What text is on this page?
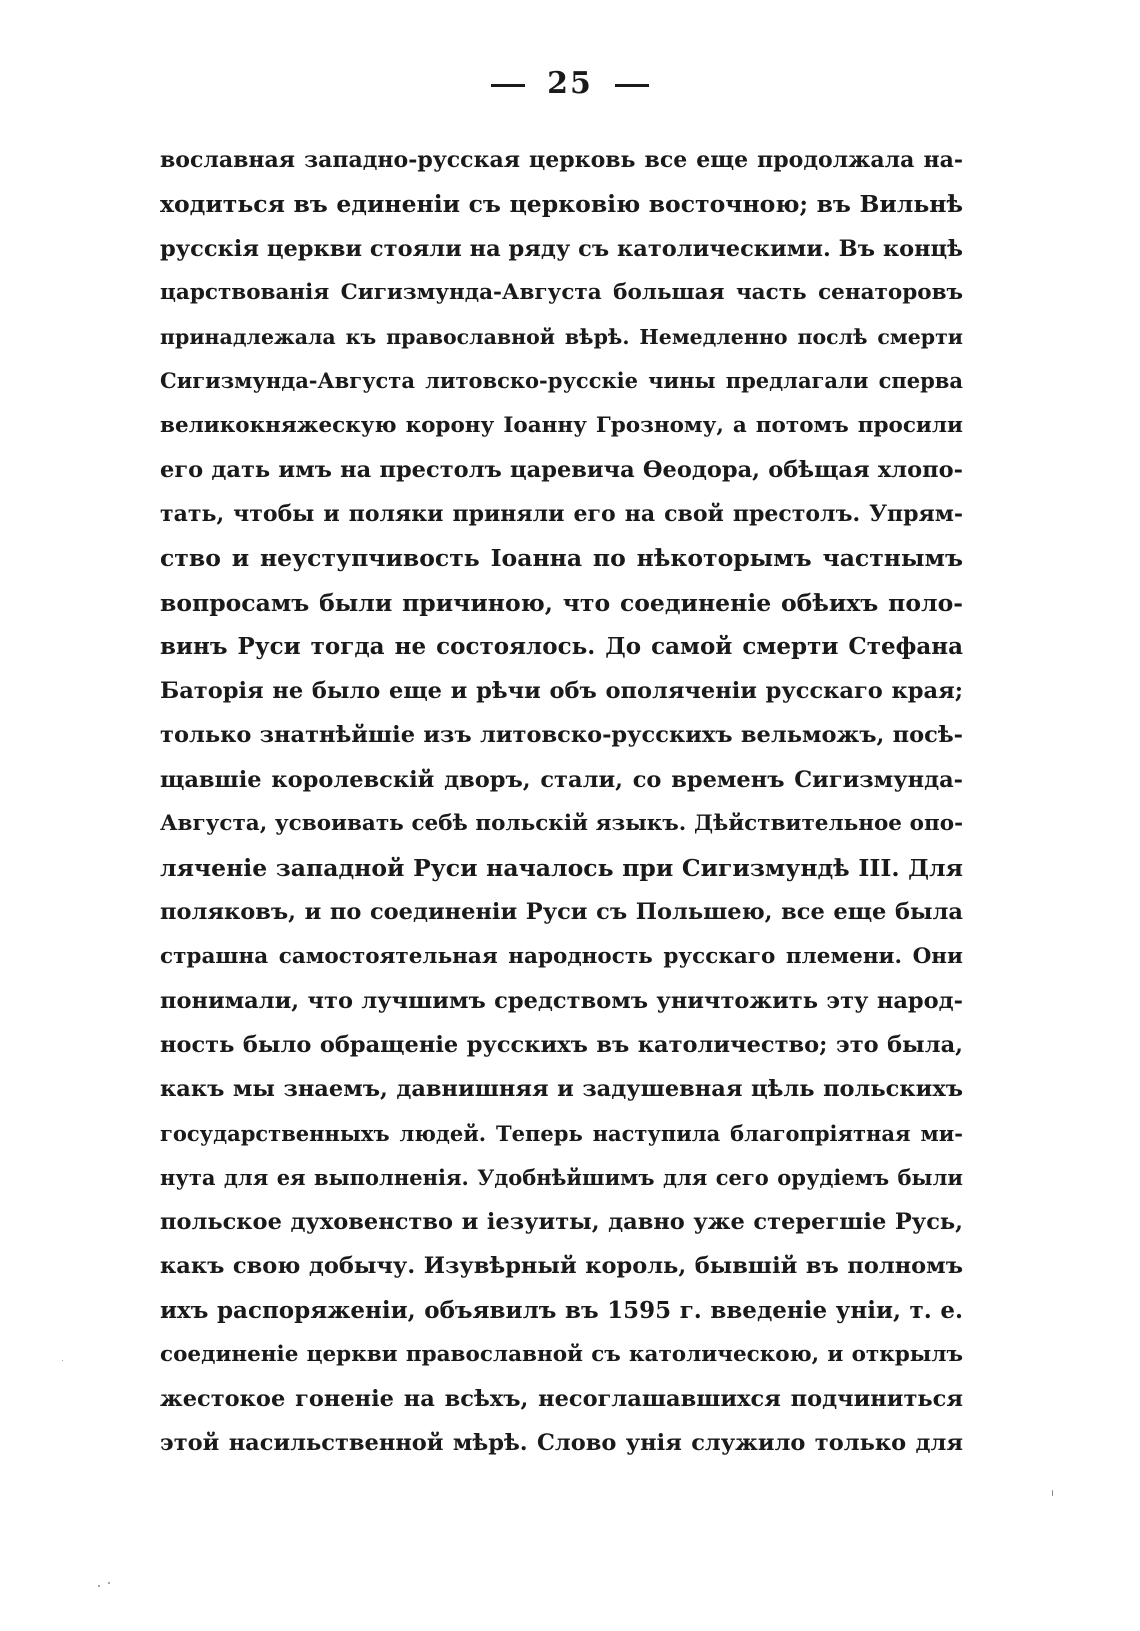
25
вославная западно-русская церковь все еще продолжала на-
ходиться въ единенiи съ церковiю восточною; въ Вильнѣ
русскiя церкви стояли на ряду съ католическими. Въ концѣ
царствованiя Сигизмунда-Августа большая часть сенаторовъ
принадлежала къ православной вѣрѣ. Немедленно послѣ смерти
Сигизмунда-Августа литовско-русскiе чины предлагали сперва
великокняжескую корону Iоанну Грозному, а потомъ просили
его дать имъ на престолъ царевича Ѳеодора, обѣщая хлопо-
тать, чтобы и поляки приняли его на свой престолъ. Упрям-
ство и неуступчивость Iоанна по нѣкоторымъ частнымъ
вопросамъ были причиною, что соединенiе обѣихъ поло-
винъ Руси тогда не состоялось. До самой смерти Стефана
Баторiя не было еще и рѣчи объ ополяченiи русскаго края;
только знатнѣйшiе изъ литовско-русскихъ вельможъ, посѣ-
щавшiе королевскiй дворъ, стали, со временъ Сигизмунда-
Августа, усвоивать себѣ польскiй языкъ. Дѣйствительное опо-
ляченiе западной Руси началось при Сигизмундѣ III. Для
поляковъ, и по соединенiи Руси съ Польшею, все еще была
страшна самостоятельная народность русскаго племени. Они
понимали, что лучшимъ средствомъ уничтожить эту народ-
ность было обращенiе русскихъ въ католичество; это была,
какъ мы знаемъ, давнишняя и задушевная цѣль польскихъ
государственныхъ людей. Теперь наступила благопрiятная ми-
нута для ея выполненiя. Удобнѣйшимъ для сего орудiемъ были
польское духовенство и iезуиты, давно уже стерегшiе Русь,
какъ свою добычу. Изувѣрный король, бывшiй въ полномъ
ихъ распоряженiи, объявилъ въ 1595 г. введенiе унiи, т. е.
соединенiе церкви православной съ католическою, и открылъ
жестокое гоненiе на всѣхъ, несоглашавшихся подчиниться
этой насильственной мѣрѣ. Слово унiя служило только для
